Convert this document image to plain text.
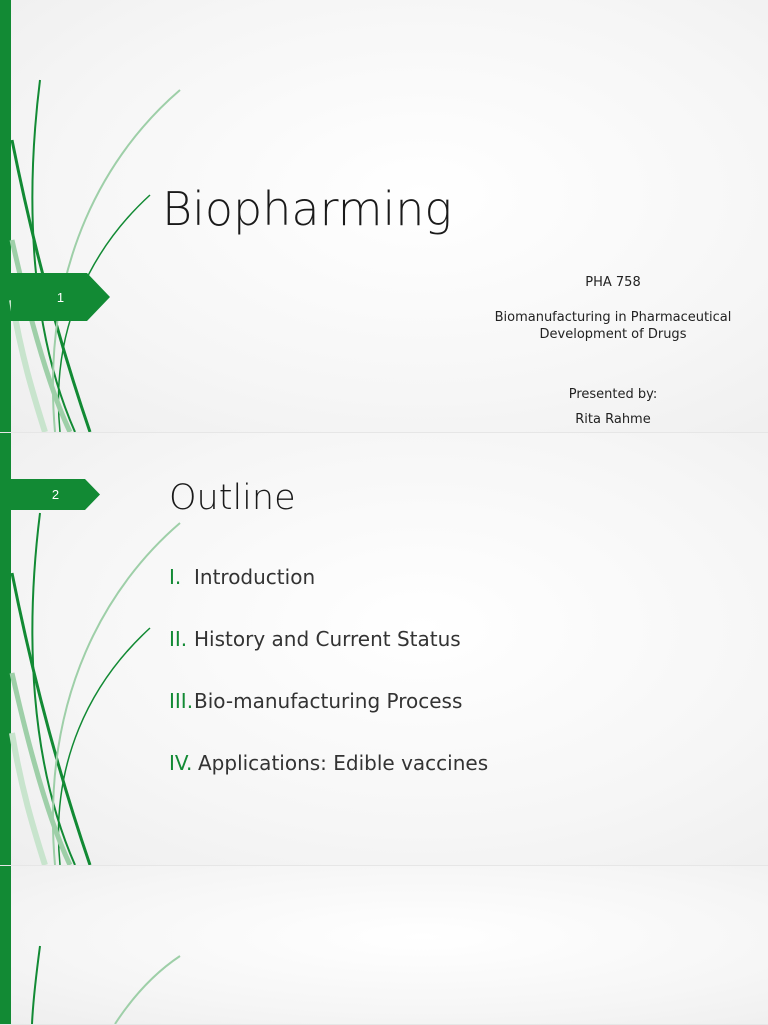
1
Biopharming
PHA 758
Biomanufacturing in Pharmaceutical Development of Drugs
Presented by:
Rita Rahme
2	Outline
I. Introduction
II. History and Current Status
III. Bio-manufacturing Process
IV. Applications: Edible vaccines
